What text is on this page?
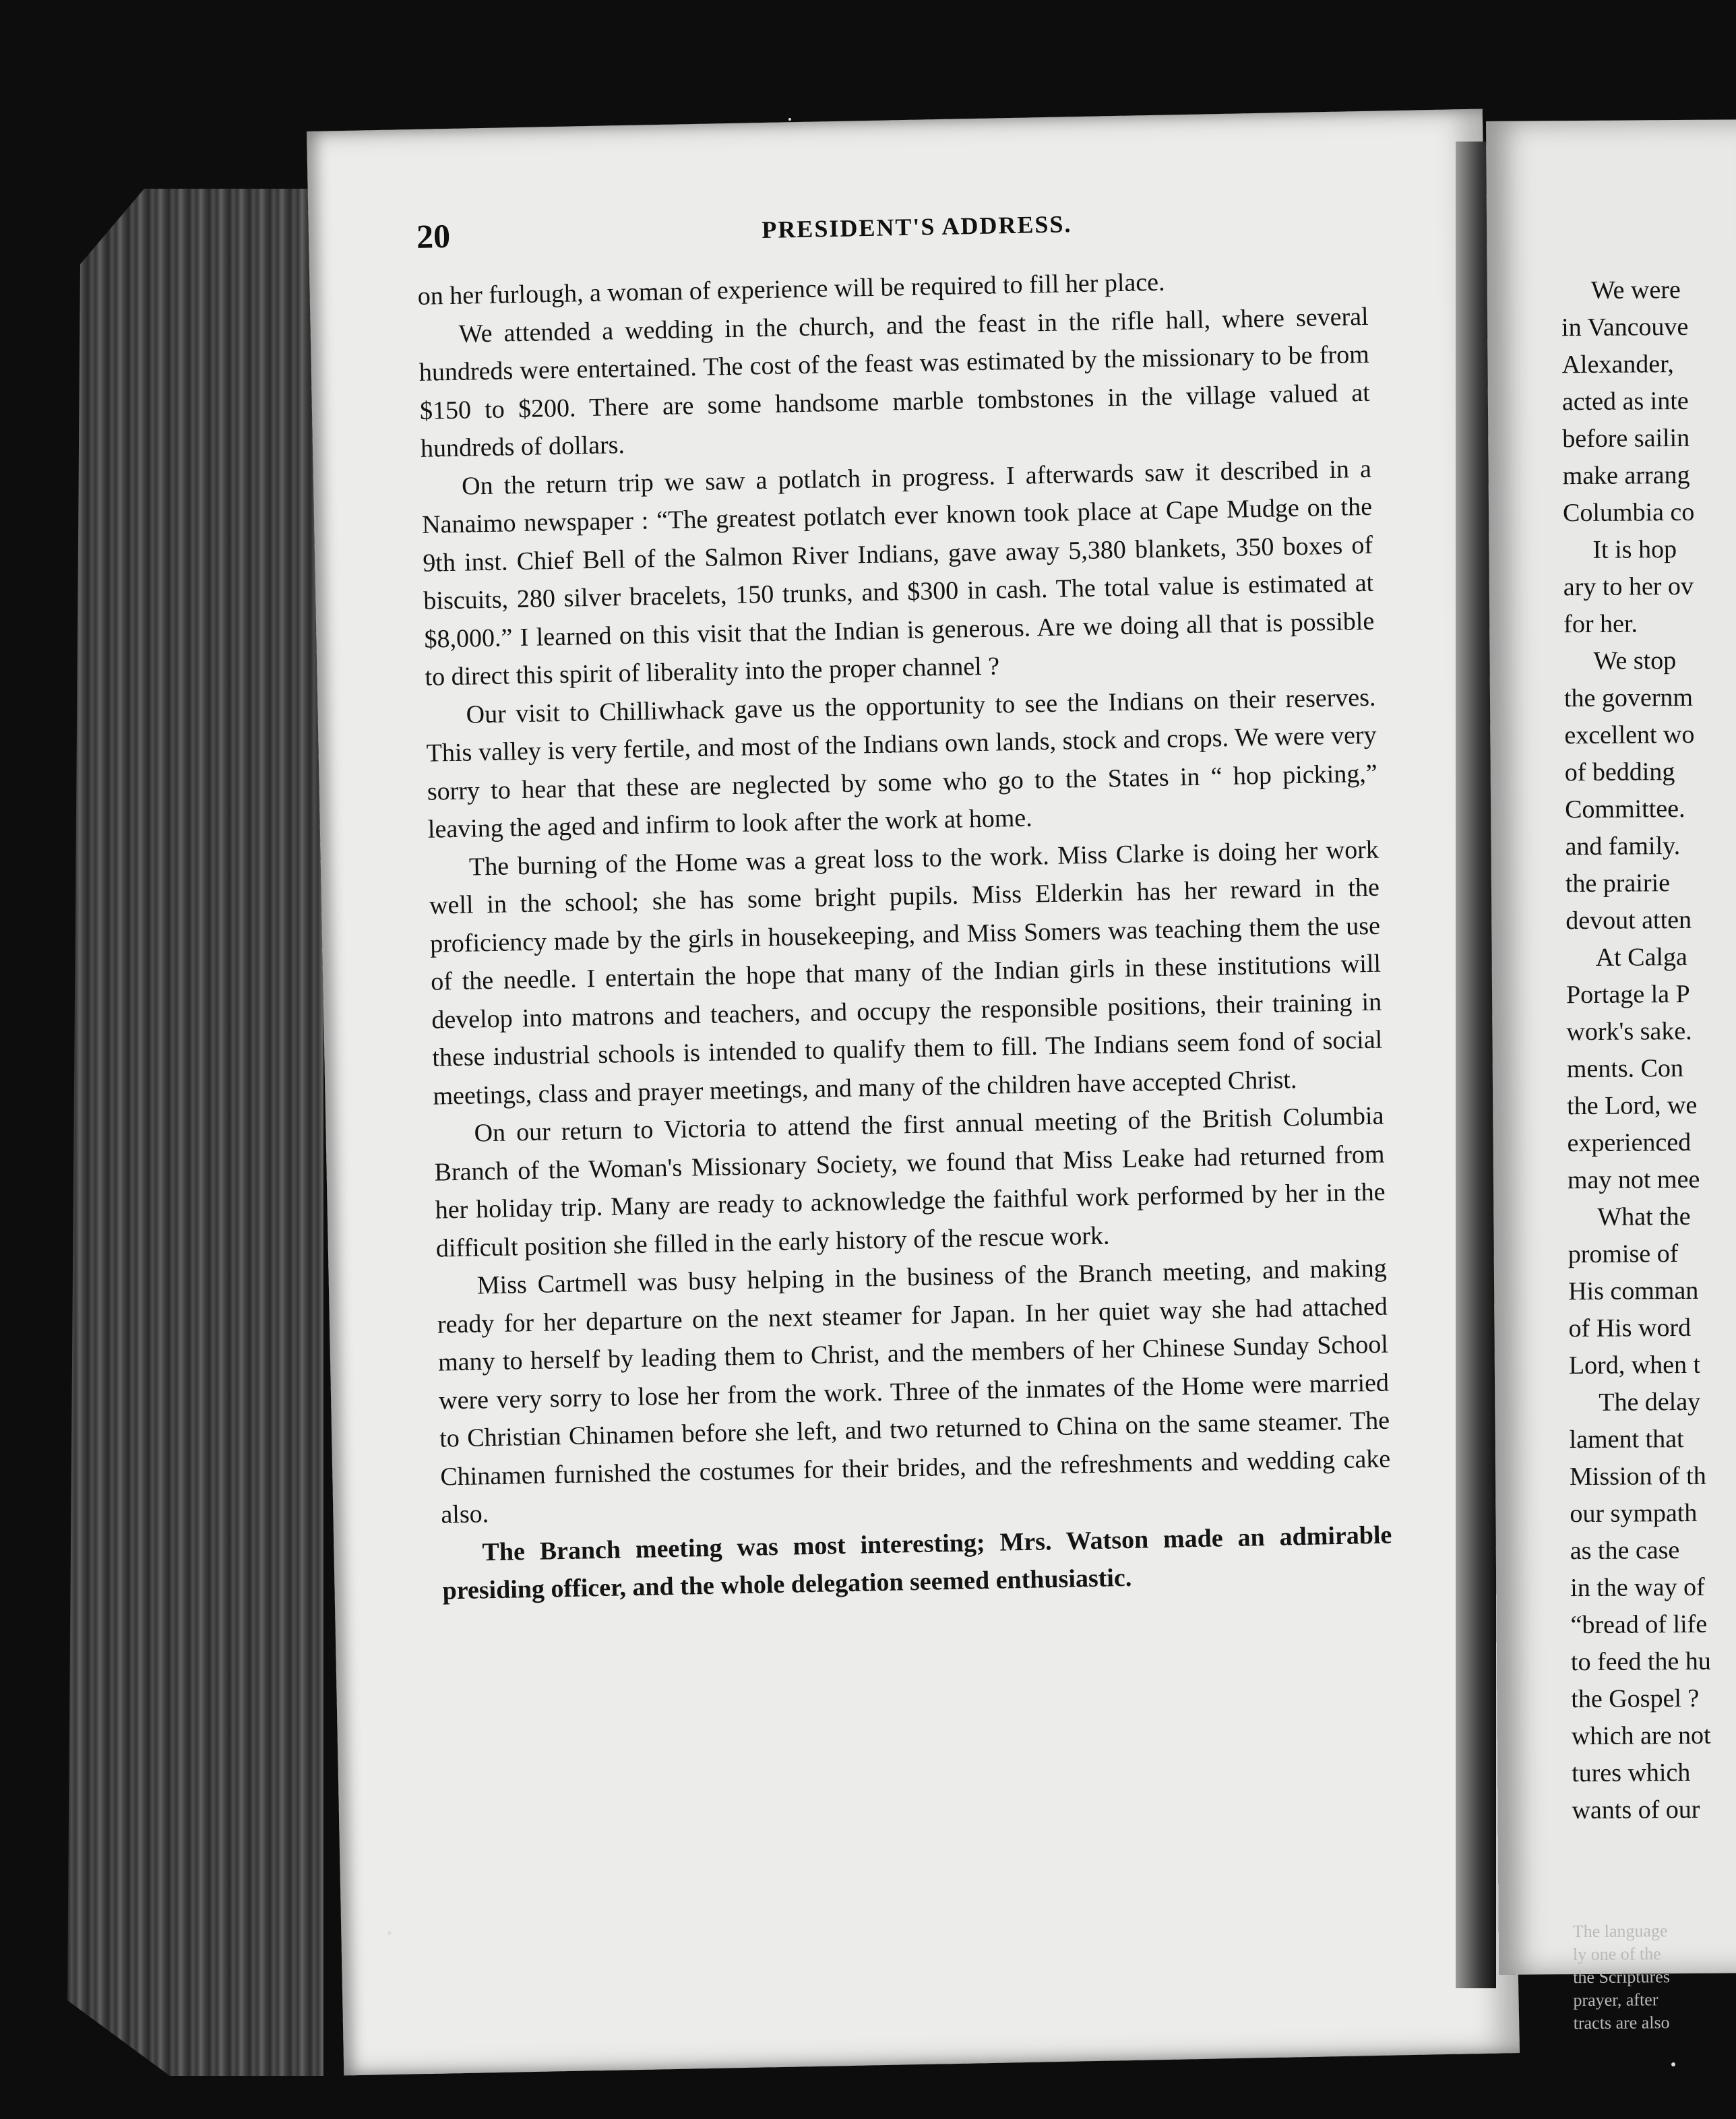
20	PRESIDENT'S ADDRESS.

on her furlough, a woman of experience will be required to fill her place.

We attended a wedding in the church, and the feast in the rifle hall, where several hundreds were entertained. The cost of the feast was estimated by the missionary to be from $150 to $200. There are some handsome marble tombstones in the village valued at hundreds of dollars.

On the return trip we saw a potlatch in progress. I afterwards saw it described in a Nanaimo newspaper : “The greatest potlatch ever known took place at Cape Mudge on the 9th inst. Chief Bell of the Salmon River Indians, gave away 5,380 blankets, 350 boxes of biscuits, 280 silver bracelets, 150 trunks, and $300 in cash. The total value is estimated at $8,000.” I learned on this visit that the Indian is generous. Are we doing all that is possible to direct this spirit of liberality into the proper channel ?

Our visit to Chilliwhack gave us the opportunity to see the Indians on their reserves. This valley is very fertile, and most of the Indians own lands, stock and crops. We were very sorry to hear that these are neglected by some who go to the States in “ hop picking,” leaving the aged and infirm to look after the work at home.

The burning of the Home was a great loss to the work. Miss Clarke is doing her work well in the school; she has some bright pupils. Miss Elderkin has her reward in the proficiency made by the girls in housekeeping, and Miss Somers was teaching them the use of the needle. I entertain the hope that many of the Indian girls in these institutions will develop into matrons and teachers, and occupy the responsible positions, their training in these industrial schools is intended to qualify them to fill. The Indians seem fond of social meetings, class and prayer meetings, and many of the children have accepted Christ.

On our return to Victoria to attend the first annual meeting of the British Columbia Branch of the Woman's Missionary Society, we found that Miss Leake had returned from her holiday trip. Many are ready to acknowledge the faithful work performed by her in the difficult position she filled in the early history of the rescue work.

Miss Cartmell was busy helping in the business of the Branch meeting, and making ready for her departure on the next steamer for Japan. In her quiet way she had attached many to herself by leading them to Christ, and the members of her Chinese Sunday School were very sorry to lose her from the work. Three of the inmates of the Home were married to Christian Chinamen before she left, and two returned to China on the same steamer. The Chinamen furnished the costumes for their brides, and the refreshments and wedding cake also.

The Branch meeting was most interesting; Mrs. Watson made an admirable presiding officer, and the whole delegation seemed enthusiastic.

We were
in Vancouve
Alexander,
acted as inte
before sailin
make arrang
Columbia co
It is hop
ary to her ov
for her.
We stop
the governm
excellent wo
of bedding
Committee.
and family.
the prairie
devout atten
At Calga
Portage la P
work's sake.
ments. Con
the Lord, we
experienced
may not mee
What the
promise of
His comman
of His word
Lord, when t
The delay
lament that
Mission of th
our sympath
as the case
in the way of
“bread of life
to feed the hu
the Gospel ?
which are not
tures which
wants of our
The language
ly one of the
the Scriptures
prayer, after
tracts are also
